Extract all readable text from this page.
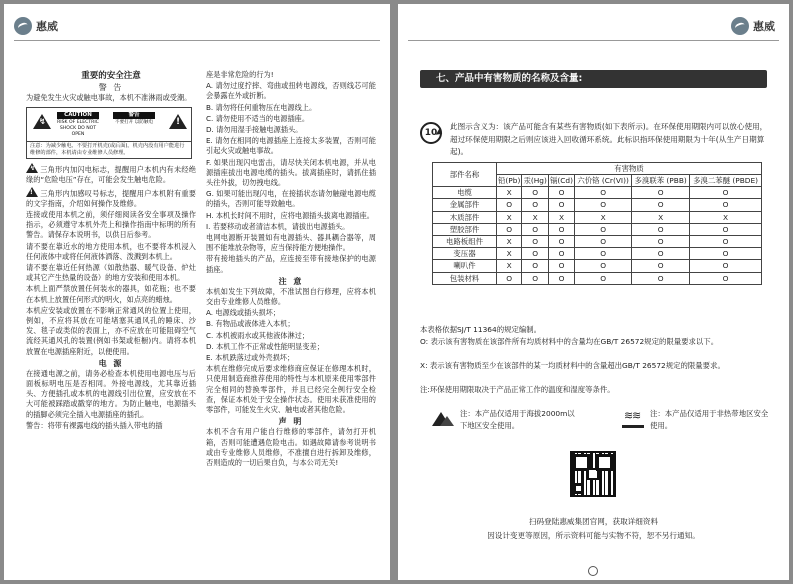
惠威
重要的安全注意
警 告

为避免发生火灾或触电事故，本机不准淋雨或受潮。

↯
CAUTION
RISK OF ELECTRIC SHOCK DO NOT OPEN
警告
不要打开 以防触电
!
注意：为减少触电、不要打开机壳(或后面)。机壳内没有用户能进行维修的部件，本机请由专业维修人员修理。

↯ 三角形内加闪电标志，提醒用户本机内有未经绝缘的“危险电压”存在，可能会发生触电危险。

! 三角形内加感叹号标志，提醒用户本机附有重要的文字指南，介绍如何操作及维修。

连接或使用本机之前，须仔细阅读各安全事项及操作指示，必须遵守本机外壳上和操作指南中标明的所有警告。请保存本说明书，以供日后参考。

请不要在靠近水的地方使用本机，也不要将本机浸入任何液体中或将任何液体洒落、泼溅到本机上。

请不要在靠近任何热源（如散热器、暖气设备、炉灶或其它产生热量的设备）的地方安装和使用本机。

本机上面严禁放置任何装水的器具，如花瓶；也不要在本机上放置任何形式的明火，如点亮的蜡烛。

本机应安装或放置在不影响正常通风的位置上使用，例如，不应将其放在可能堵塞其通风孔的睡床、沙发、毯子或类似的表面上，亦不应放在可能阻碍空气流经其通风孔的装置(例如书架或柜橱)内。请将本机放置在电源插座附近，以便使用。

电 源

在接通电源之前，请务必检查本机使用电源电压与后面板标明电压是否相同。外接电源线，尤其靠近插头、方便插孔或本机的电源线引出位置，应安放在不大可能被踩踏或戳穿的地方。为防止触电，电源插头的插脚必须完全插入电源插座的插孔。

警告：将带有裸露电线的插头插入带电的插

座是非常危险的行为!

A. 请勿过度拧摔、弯曲或扭转电源线，否则线芯可能会暴露在外或折断。

B. 请勿将任何重物压在电源线上。

C. 请勿使用不适当的电源插座。

D. 请勿用湿手接触电源插头。

E. 请勿在相同的电源插座上连接太多装置，否则可能引起火灾或触电事故。

F. 如果出现闪电雷击，请尽快关闭本机电源，并从电源插座拔出电源电缆的插头。拔离插座时，请抓住插头往外拔，切勿拽电线。

G. 如果可能出现闪电，在接插状态请勿触碰电源电缆的插头，否则可能导致触电。

H. 本机长时间不用时，应将电源插头拔离电源插座。

I. 若要移动或者清洁本机，请拔出电源插头。

电网电源断开装置如有电源插头、器具耦合器等，周围不能堆放杂物等，应当保持能方便地操作。

带有接地插头的产品，应连接至带有接地保护的电源插座。

注 意

本机如发生下列故障，不准试图自行修理，应将本机交由专业维修人员维修。

A. 电源线或插头损坏；

B. 有物品或液体进入本机；

C. 本机被雨水或其他液体淋过；

D. 本机工作不正常或性能明显变差；

E. 本机跌落过或外壳损坏；

本机在维修完成后要求维修商应保证在修理本机时，只使用制造商推荐使用的特性与本机原来使用零部件完全相同的替换零部件，并且已经完全例行安全检查，保证本机处于安全操作状态。使用未获准使用的零部件，可能发生火灾、触电或者其他危险。

声 明

本机不含有用户能自行维修的零部件，请勿打开机箱，否则可能遭遇危险电击。如遇故障请参考说明书或由专业维修人员维修，不准擅自进行拆卸及维修，否则造成的一切后果自负，与本公司无关!

惠威
七、产品中有害物质的名称及含量:
10
此图示含义为：该产品可能含有某些有害物质(如下表所示)。在环保使用期限内可以放心使用，超过环保使用期限之后则应该进入回收循环系统。此标识指环保使用期限为十年(从生产日期算起)。
部件名称	有害物质					
	铅(Pb)	汞(Hg)	镉(Cd)	六价铬 (Cr(VI))	多溴联苯 (PBB)	多溴二苯醚 (PBDE)
电缆	X	O	O	O	O	O
金属部件	O	O	O	O	O	O
木质部件	X	X	X	X	X	X
塑胶部件	O	O	O	O	O	O
电路板组件	X	O	O	O	O	O
变压器	X	O	O	O	O	O
喇叭件	X	O	O	O	O	O
包装材料	O	O	O	O	O	O
本表格依据SJ/T 11364的规定编制。
O: 表示该有害物质在该部件所有均质材料中的含量均在GB/T 26572规定的限量要求以下。
X: 表示该有害物质至少在该部件的某一均质材料中的含量超出GB/T 26572规定的限量要求。
注:环保使用期限取决于产品正常工作的温度和湿度等条件。
注：本产品仅适用于海拔2000m以下地区安全使用。
≋
≋ 注：本产品仅适用于非热带地区安全使用。
扫码登陆惠威集团官网，获取详细资料
因设计变更等原因，所示资料可能与实物不符，恕不另行通知。
